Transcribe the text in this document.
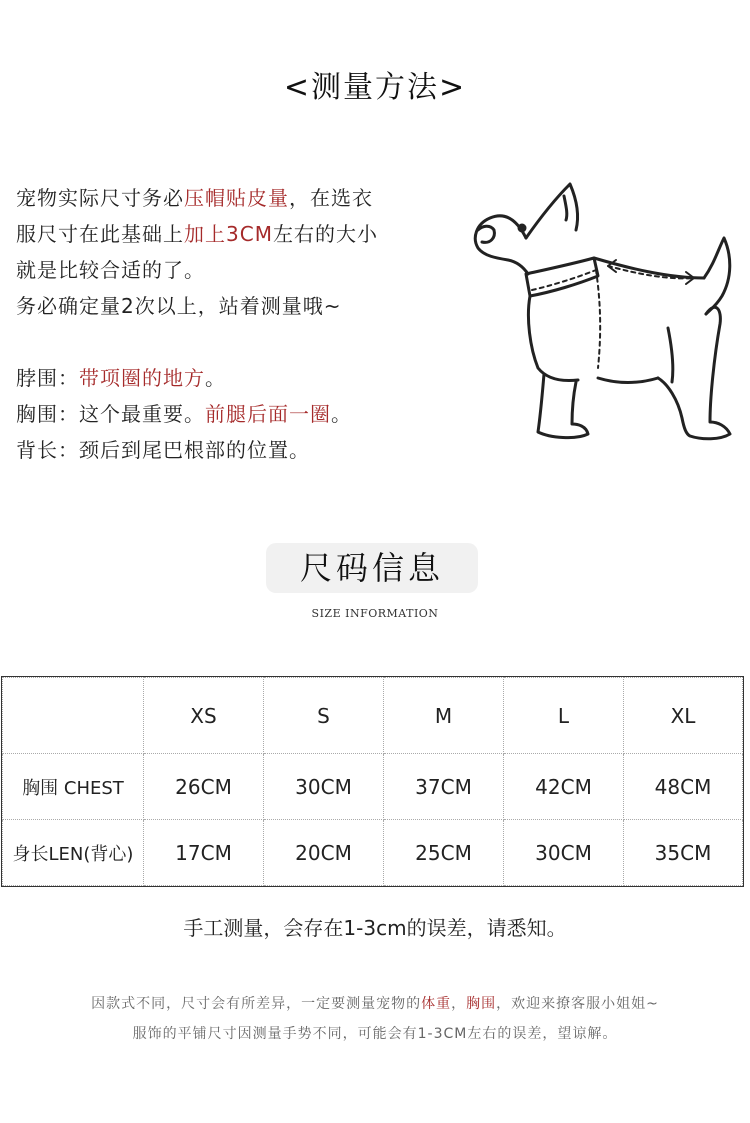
<测量方法>
宠物实际尺寸务必压帽贴皮量，在选衣
服尺寸在此基础上加上3CM左右的大小
就是比较合适的了。
务必确定量2次以上，站着测量哦~
脖围：带项圈的地方。
胸围：这个最重要。前腿后面一圈。
背长：颈后到尾巴根部的位置。
尺码信息
SIZE INFORMATION
	XS	S	M	L	XL
胸围 CHEST	26CM	30CM	37CM	42CM	48CM
身长LEN(背心)	17CM	20CM	25CM	30CM	35CM
手工测量，会存在1-3cm的误差，请悉知。
因款式不同，尺寸会有所差异，一定要测量宠物的体重，胸围，欢迎来撩客服小姐姐~
服饰的平铺尺寸因测量手势不同，可能会有1-3CM左右的误差，望谅解。
